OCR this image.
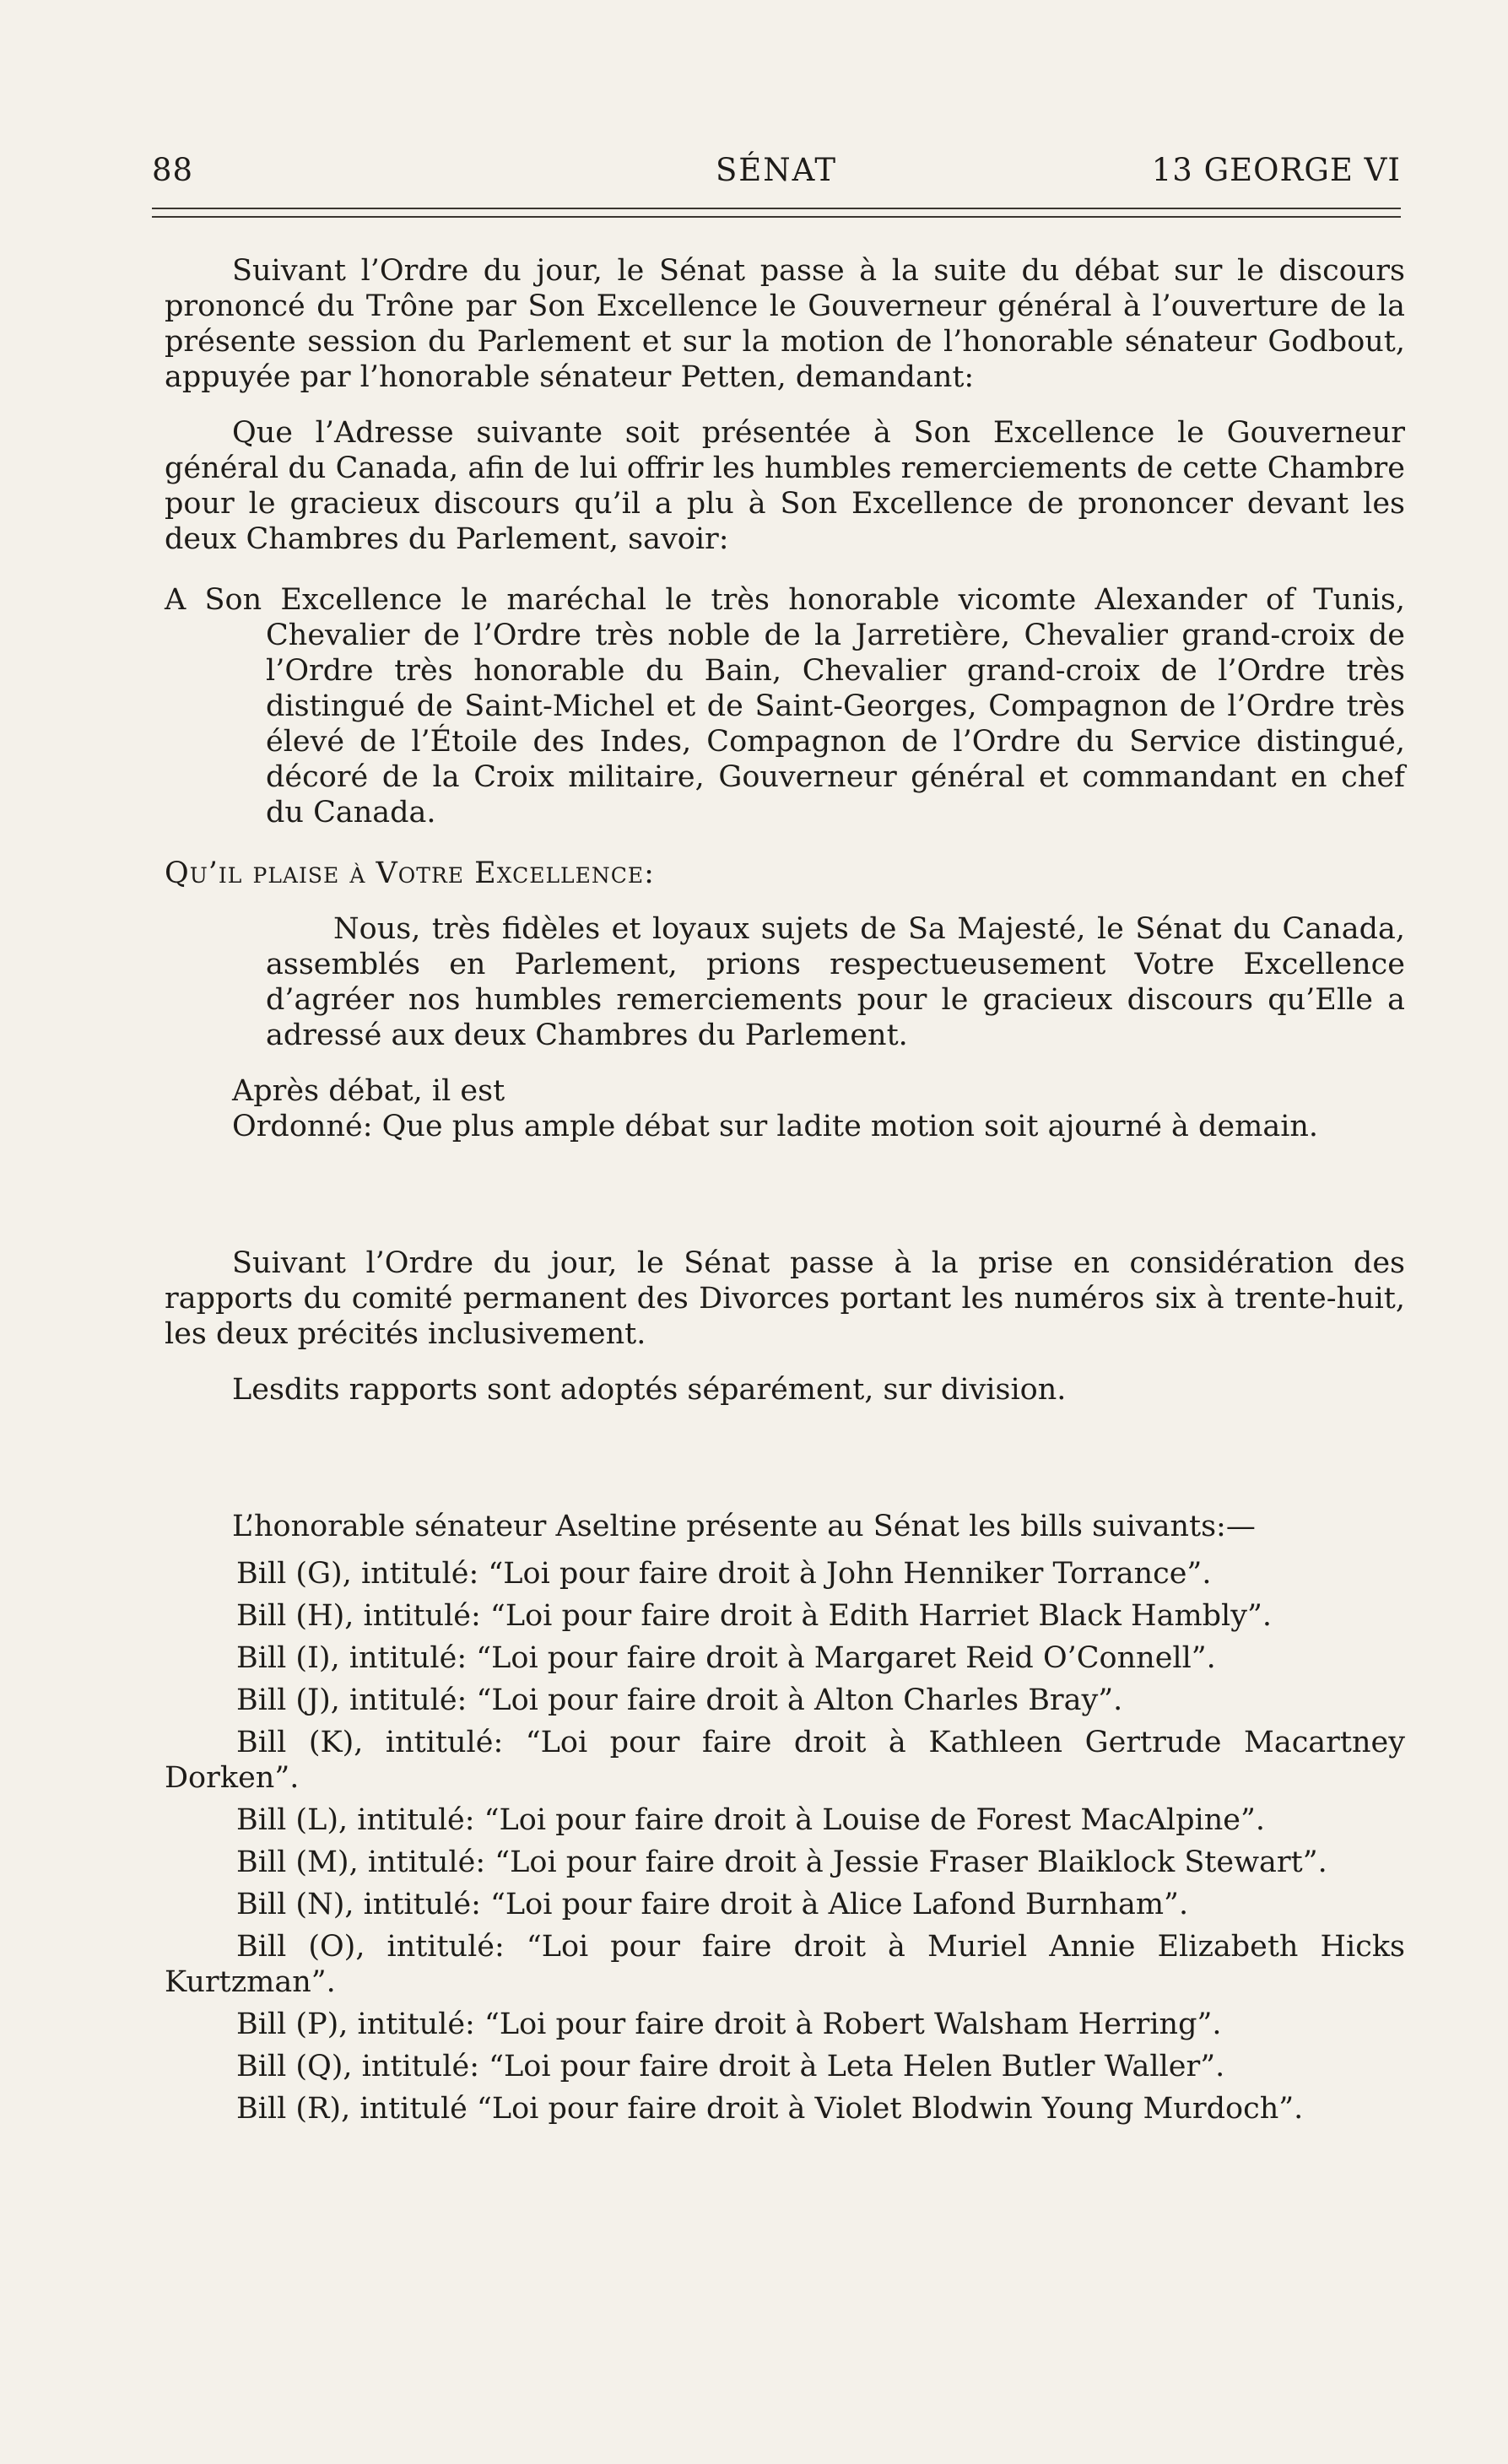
88	SÉNAT	13 GEORGE VI

Suivant l’Ordre du jour, le Sénat passe à la suite du débat sur le discours prononcé du Trône par Son Excellence le Gouverneur général à l’ouverture de la présente session du Parlement et sur la motion de l’honorable sénateur Godbout, appuyée par l’honorable sénateur Petten, demandant:

Que l’Adresse suivante soit présentée à Son Excellence le Gouverneur général du Canada, afin de lui offrir les humbles remerciements de cette Chambre pour le gracieux discours qu’il a plu à Son Excellence de prononcer devant les deux Chambres du Parlement, savoir:

A Son Excellence le maréchal le très honorable vicomte Alexander of Tunis, Chevalier de l’Ordre très noble de la Jarretière, Chevalier grand-croix de l’Ordre très honorable du Bain, Chevalier grand-croix de l’Ordre très distingué de Saint-Michel et de Saint-Georges, Compagnon de l’Ordre très élevé de l’Étoile des Indes, Compagnon de l’Ordre du Service distingué, décoré de la Croix militaire, Gouverneur général et commandant en chef du Canada.

Qu’il plaise à Votre Excellence:

Nous, très fidèles et loyaux sujets de Sa Majesté, le Sénat du Canada, assemblés en Parlement, prions respectueusement Votre Excellence d’agréer nos humbles remerciements pour le gracieux discours qu’Elle a adressé aux deux Chambres du Parlement.

Après débat, il est

Ordonné: Que plus ample débat sur ladite motion soit ajourné à demain.

Suivant l’Ordre du jour, le Sénat passe à la prise en considération des rapports du comité permanent des Divorces portant les numéros six à trente-huit, les deux précités inclusivement.

Lesdits rapports sont adoptés séparément, sur division.

L’honorable sénateur Aseltine présente au Sénat les bills suivants:—

Bill (G), intitulé: “Loi pour faire droit à John Henniker Torrance”.

Bill (H), intitulé: “Loi pour faire droit à Edith Harriet Black Hambly”.

Bill (I), intitulé: “Loi pour faire droit à Margaret Reid O’Connell”.

Bill (J), intitulé: “Loi pour faire droit à Alton Charles Bray”.

Bill (K), intitulé: “Loi pour faire droit à Kathleen Gertrude Macartney Dorken”.

Bill (L), intitulé: “Loi pour faire droit à Louise de Forest MacAlpine”.

Bill (M), intitulé: “Loi pour faire droit à Jessie Fraser Blaiklock Stewart”.

Bill (N), intitulé: “Loi pour faire droit à Alice Lafond Burnham”.

Bill (O), intitulé: “Loi pour faire droit à Muriel Annie Elizabeth Hicks Kurtzman”.

Bill (P), intitulé: “Loi pour faire droit à Robert Walsham Herring”.

Bill (Q), intitulé: “Loi pour faire droit à Leta Helen Butler Waller”.

Bill (R), intitulé “Loi pour faire droit à Violet Blodwin Young Murdoch”.
